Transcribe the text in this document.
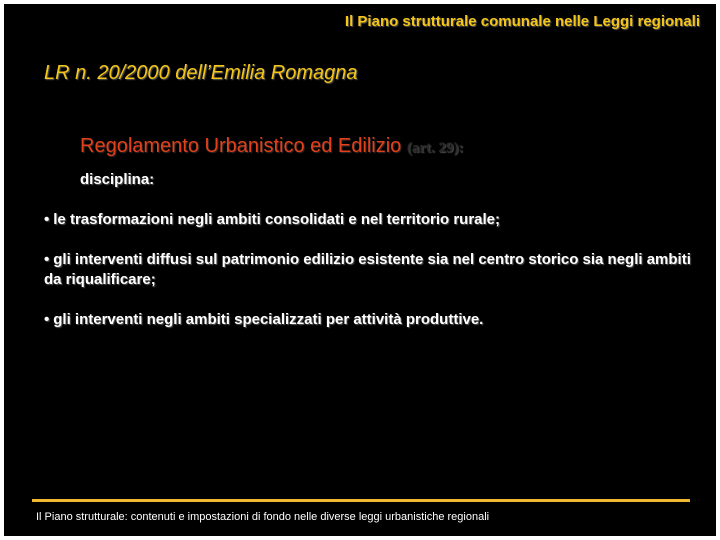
Il Piano strutturale comunale nelle Leggi regionali
LR n. 20/2000 dell’Emilia Romagna
Regolamento Urbanistico ed Edilizio (art. 29):
disciplina:
• le trasformazioni negli ambiti consolidati e nel territorio rurale;
• gli interventi diffusi sul patrimonio edilizio esistente sia nel centro storico sia negli ambiti da riqualificare;
• gli interventi negli ambiti specializzati per attività produttive.
Il Piano strutturale: contenuti e impostazioni di fondo nelle diverse leggi urbanistiche regionali
